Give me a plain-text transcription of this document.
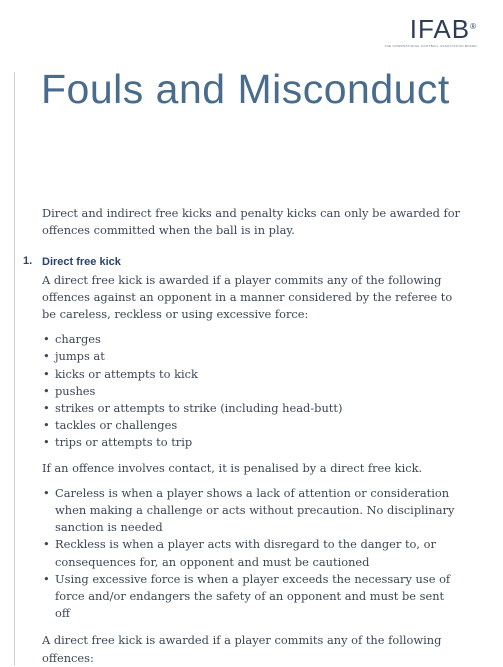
IFAB®
THE INTERNATIONAL FOOTBALL ASSOCIATION BOARD
Fouls and Misconduct

Direct and indirect free kicks and penalty kicks can only be awarded for offences committed when the ball is in play.

1. Direct free kick

A direct free kick is awarded if a player commits any of the following offences against an opponent in a manner considered by the referee to be careless, reckless or using excessive force:

• charges
• jumps at
• kicks or attempts to kick
• pushes
• strikes or attempts to strike (including head-butt)
• tackles or challenges
• trips or attempts to trip

If an offence involves contact, it is penalised by a direct free kick.

• Careless is when a player shows a lack of attention or consideration when making a challenge or acts without precaution. No disciplinary sanction is needed
• Reckless is when a player acts with disregard to the danger to, or consequences for, an opponent and must be cautioned
• Using excessive force is when a player exceeds the necessary use of force and/or endangers the safety of an opponent and must be sent off

A direct free kick is awarded if a player commits any of the following offences:
